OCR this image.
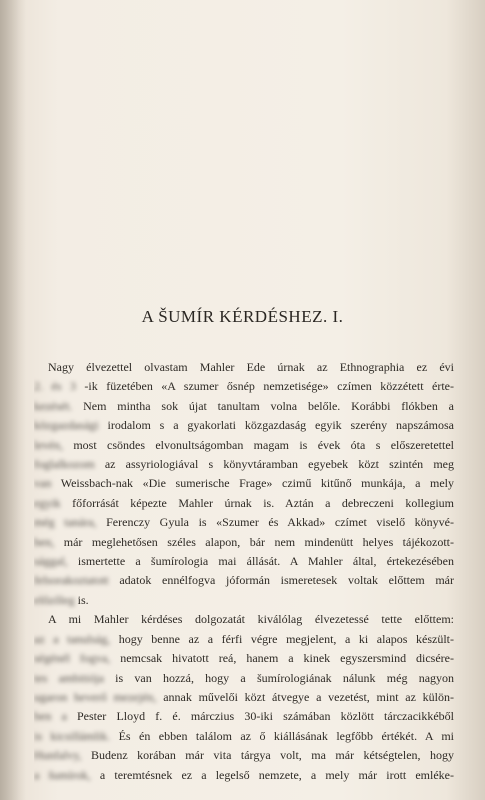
A ŠUMÍR KÉRDÉSHEZ. I.
Nagy élvezettel olvastam Mahler Ede úrnak az Ethnographia ez évi
2. és 3 -ik füzetében «A szumer ősnép nemzetisége» czímen közzétett érte-
kezését. Nem mintha sok újat tanultam volna belőle. Korábbi flókben a
közgazdasági irodalom s a gyakorlati közgazdaság egyik szerény napszámosa
levén, most csöndes elvonultságomban magam is évek óta s előszeretettel
foglalkozom az assyriologiával s könyvtáramban egyebek közt szintén meg
van Weissbach-nak «Die sumerische Frage» czimű kitűnő munkája, a mely
egyik főforrását képezte Mahler úrnak is. Aztán a debreczeni kollegium
még tanára, Ferenczy Gyula is «Szumer és Akkad» czímet viselő könyvé-
ben, már meglehetősen széles alapon, bár nem mindenütt helyes tájékozott-
sággal, ismertette a šumírologia mai állását. A Mahler által, értekezésében
felsorakoztatott adatok ennélfogva jóformán ismeretesek voltak előttem már
előzőleg is.
A mi Mahler kérdéses dolgozatát kiválólag élvezetessé tette előttem:
az a tanulság, hogy benne az a férfi végre megjelent, a ki alapos készült-
ségénél fogva, nemcsak hivatott reá, hanem a kinek egyszersmind dicsére-
tes ambitiója is van hozzá, hogy a šumírologiának nálunk még nagyon
ugaron heverő mezején, annak művelői közt átvegye a vezetést, mint az külön-
ben a Pester Lloyd f. é. márczius 30-iki számában közlött tárczacikkéből
is kicsillámlik. És én ebben találom az ő kiállásának legfőbb értékét. A mi
Hunfalvy, Budenz korában már vita tárgya volt, ma már kétségtelen, hogy
a šumírok, a teremtésnek ez a legelső nemzete, a mely már irott emléke-
